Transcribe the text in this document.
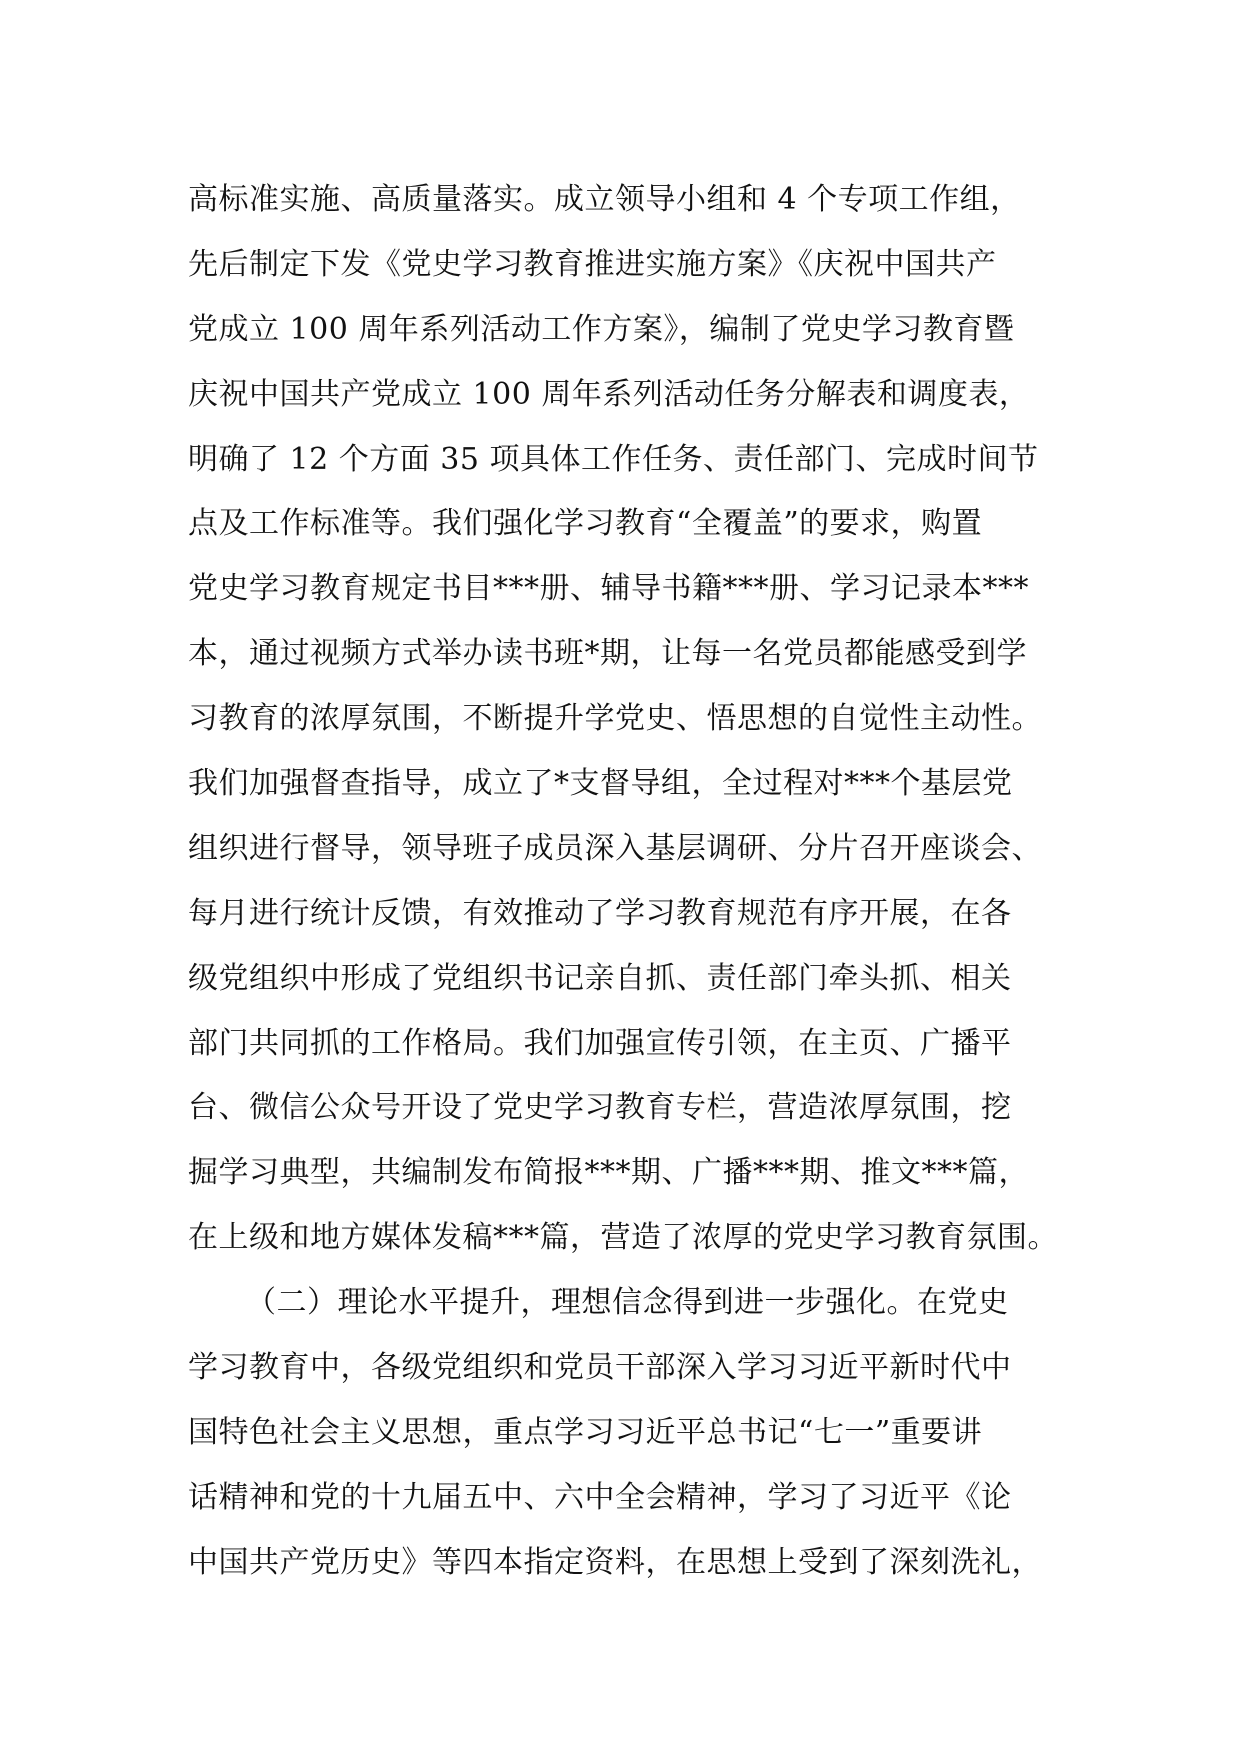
高标准实施、高质量落实。成立领导小组和 4 个专项工作组，
先后制定下发《党史学习教育推进实施方案》《庆祝中国共产
党成立 100 周年系列活动工作方案》，编制了党史学习教育暨
庆祝中国共产党成立 100 周年系列活动任务分解表和调度表，
明确了 12 个方面 35 项具体工作任务、责任部门、完成时间节
点及工作标准等。我们强化学习教育“全覆盖”的要求，购置
党史学习教育规定书目***册、辅导书籍***册、学习记录本***
本，通过视频方式举办读书班*期，让每一名党员都能感受到学
习教育的浓厚氛围，不断提升学党史、悟思想的自觉性主动性。
我们加强督查指导，成立了*支督导组，全过程对***个基层党
组织进行督导，领导班子成员深入基层调研、分片召开座谈会、
每月进行统计反馈，有效推动了学习教育规范有序开展，在各
级党组织中形成了党组织书记亲自抓、责任部门牵头抓、相关
部门共同抓的工作格局。我们加强宣传引领，在主页、广播平
台、微信公众号开设了党史学习教育专栏，营造浓厚氛围，挖
掘学习典型，共编制发布简报***期、广播***期、推文***篇，
在上级和地方媒体发稿***篇，营造了浓厚的党史学习教育氛围。
（二）理论水平提升，理想信念得到进一步强化。在党史
学习教育中，各级党组织和党员干部深入学习习近平新时代中
国特色社会主义思想，重点学习习近平总书记“七一”重要讲
话精神和党的十九届五中、六中全会精神，学习了习近平《论
中国共产党历史》等四本指定资料，在思想上受到了深刻洗礼，
